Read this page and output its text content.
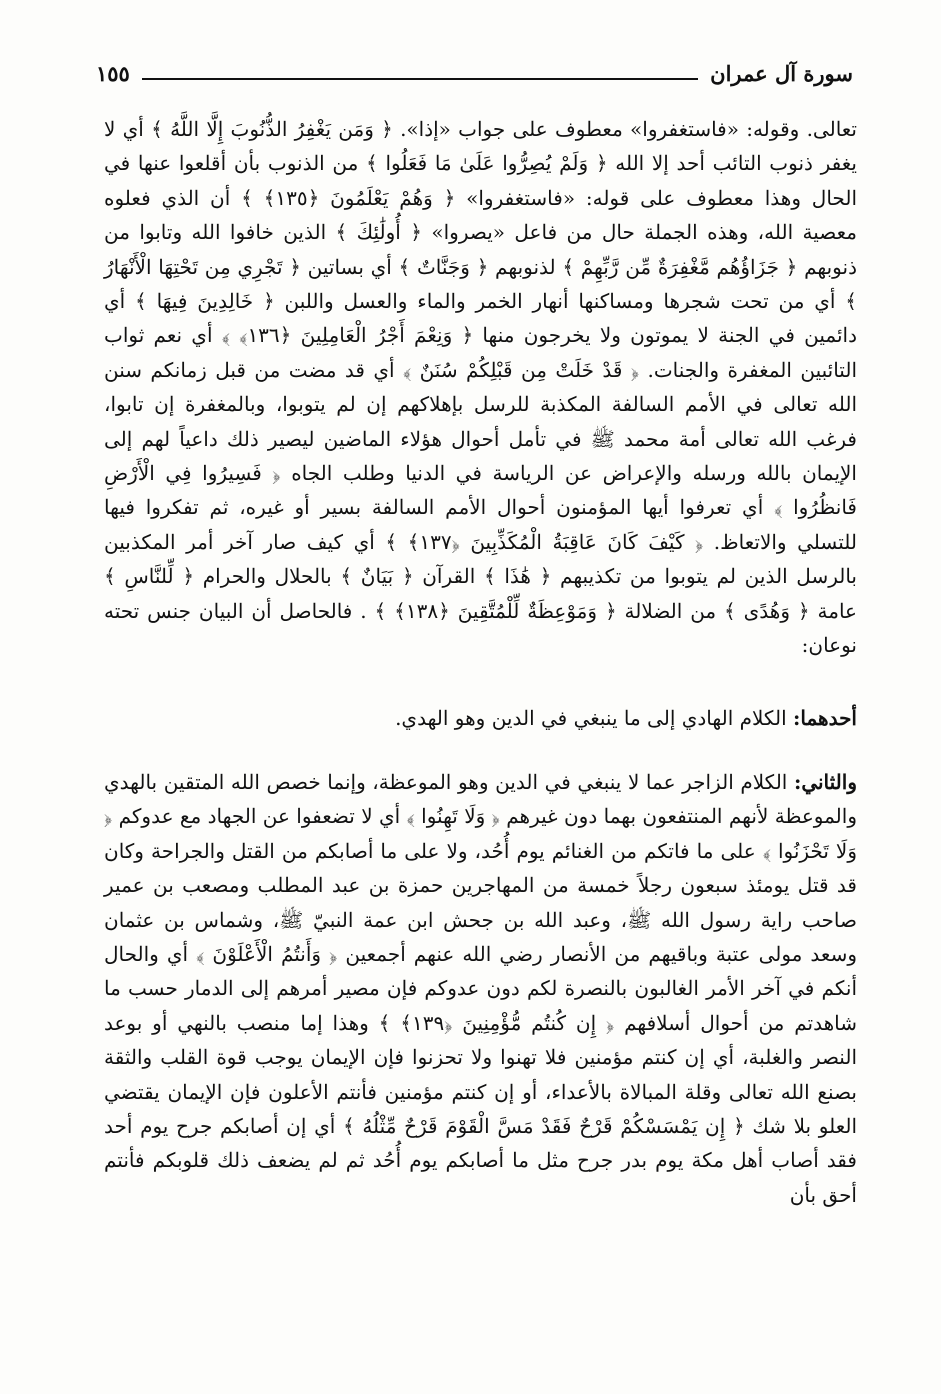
سورة آل عمران
١٥٥

تعالى. وقوله: «فاستغفروا» معطوف على جواب «إذا». ﴿ وَمَن يَغْفِرُ الذُّنُوبَ إِلَّا اللَّهُ ﴾ أي لا يغفر ذنوب التائب أحد إلا الله ﴿ وَلَمْ يُصِرُّوا عَلَىٰ مَا فَعَلُوا ﴾ من الذنوب بأن أقلعوا عنها في الحال وهذا معطوف على قوله: «فاستغفروا» ﴿ وَهُمْ يَعْلَمُونَ ﴿١٣٥﴾ ﴾ أن الذي فعلوه معصية الله، وهذه الجملة حال من فاعل «يصروا» ﴿ أُولَٰئِكَ ﴾ الذين خافوا الله وتابوا من ذنوبهم ﴿ جَزَاؤُهُم مَّغْفِرَةٌ مِّن رَّبِّهِمْ ﴾ لذنوبهم ﴿ وَجَنَّاتٌ ﴾ أي بساتين ﴿ تَجْرِي مِن تَحْتِهَا الْأَنْهَارُ ﴾ أي من تحت شجرها ومساكنها أنهار الخمر والماء والعسل واللبن ﴿ خَالِدِينَ فِيهَا ﴾ أي دائمين في الجنة لا يموتون ولا يخرجون منها ﴿ وَنِعْمَ أَجْرُ الْعَامِلِينَ ﴿١٣٦﴾ ﴾ أي نعم ثواب التائبين المغفرة والجنات. ﴿ قَدْ خَلَتْ مِن قَبْلِكُمْ سُنَنٌ ﴾ أي قد مضت من قبل زمانكم سنن الله تعالى في الأمم السالفة المكذبة للرسل بإهلاكهم إن لم يتوبوا، وبالمغفرة إن تابوا، فرغب الله تعالى أمة محمد ﷺ في تأمل أحوال هؤلاء الماضين ليصير ذلك داعياً لهم إلى الإيمان بالله ورسله والإعراض عن الرياسة في الدنيا وطلب الجاه ﴿ فَسِيرُوا فِي الْأَرْضِ فَانظُرُوا ﴾ أي تعرفوا أيها المؤمنون أحوال الأمم السالفة بسير أو غيره، ثم تفكروا فيها للتسلي والاتعاظ. ﴿ كَيْفَ كَانَ عَاقِبَةُ الْمُكَذِّبِينَ ﴿١٣٧﴾ ﴾ أي كيف صار آخر أمر المكذبين بالرسل الذين لم يتوبوا من تكذيبهم ﴿ هَٰذَا ﴾ القرآن ﴿ بَيَانٌ ﴾ بالحلال والحرام ﴿ لِّلنَّاسِ ﴾ عامة ﴿ وَهُدًى ﴾ من الضلالة ﴿ وَمَوْعِظَةٌ لِّلْمُتَّقِينَ ﴿١٣٨﴾ ﴾ . فالحاصل أن البيان جنس تحته نوعان:

أحدهما: الكلام الهادي إلى ما ينبغي في الدين وهو الهدي.

والثاني: الكلام الزاجر عما لا ينبغي في الدين وهو الموعظة، وإنما خصص الله المتقين بالهدي والموعظة لأنهم المنتفعون بهما دون غيرهم ﴿ وَلَا تَهِنُوا ﴾ أي لا تضعفوا عن الجهاد مع عدوكم ﴿ وَلَا تَحْزَنُوا ﴾ على ما فاتكم من الغنائم يوم أُحُد، ولا على ما أصابكم من القتل والجراحة وكان قد قتل يومئذ سبعون رجلاً خمسة من المهاجرين حمزة بن عبد المطلب ومصعب بن عمير صاحب راية رسول الله ﷺ، وعبد الله بن جحش ابن عمة النبيّ ﷺ، وشماس بن عثمان وسعد مولى عتبة وباقيهم من الأنصار رضي الله عنهم أجمعين ﴿ وَأَنتُمُ الْأَعْلَوْنَ ﴾ أي والحال أنكم في آخر الأمر الغالبون بالنصرة لكم دون عدوكم فإن مصير أمرهم إلى الدمار حسب ما شاهدتم من أحوال أسلافهم ﴿ إِن كُنتُم مُّؤْمِنِينَ ﴿١٣٩﴾ ﴾ وهذا إما منصب بالنهي أو بوعد النصر والغلبة، أي إن كنتم مؤمنين فلا تهنوا ولا تحزنوا فإن الإيمان يوجب قوة القلب والثقة بصنع الله تعالى وقلة المبالاة بالأعداء، أو إن كنتم مؤمنين فأنتم الأعلون فإن الإيمان يقتضي العلو بلا شك ﴿ إِن يَمْسَسْكُمْ قَرْحٌ فَقَدْ مَسَّ الْقَوْمَ قَرْحٌ مِّثْلُهُ ﴾ أي إن أصابكم جرح يوم أحد فقد أصاب أهل مكة يوم بدر جرح مثل ما أصابكم يوم أُحُد ثم لم يضعف ذلك قلوبكم فأنتم أحق بأن
